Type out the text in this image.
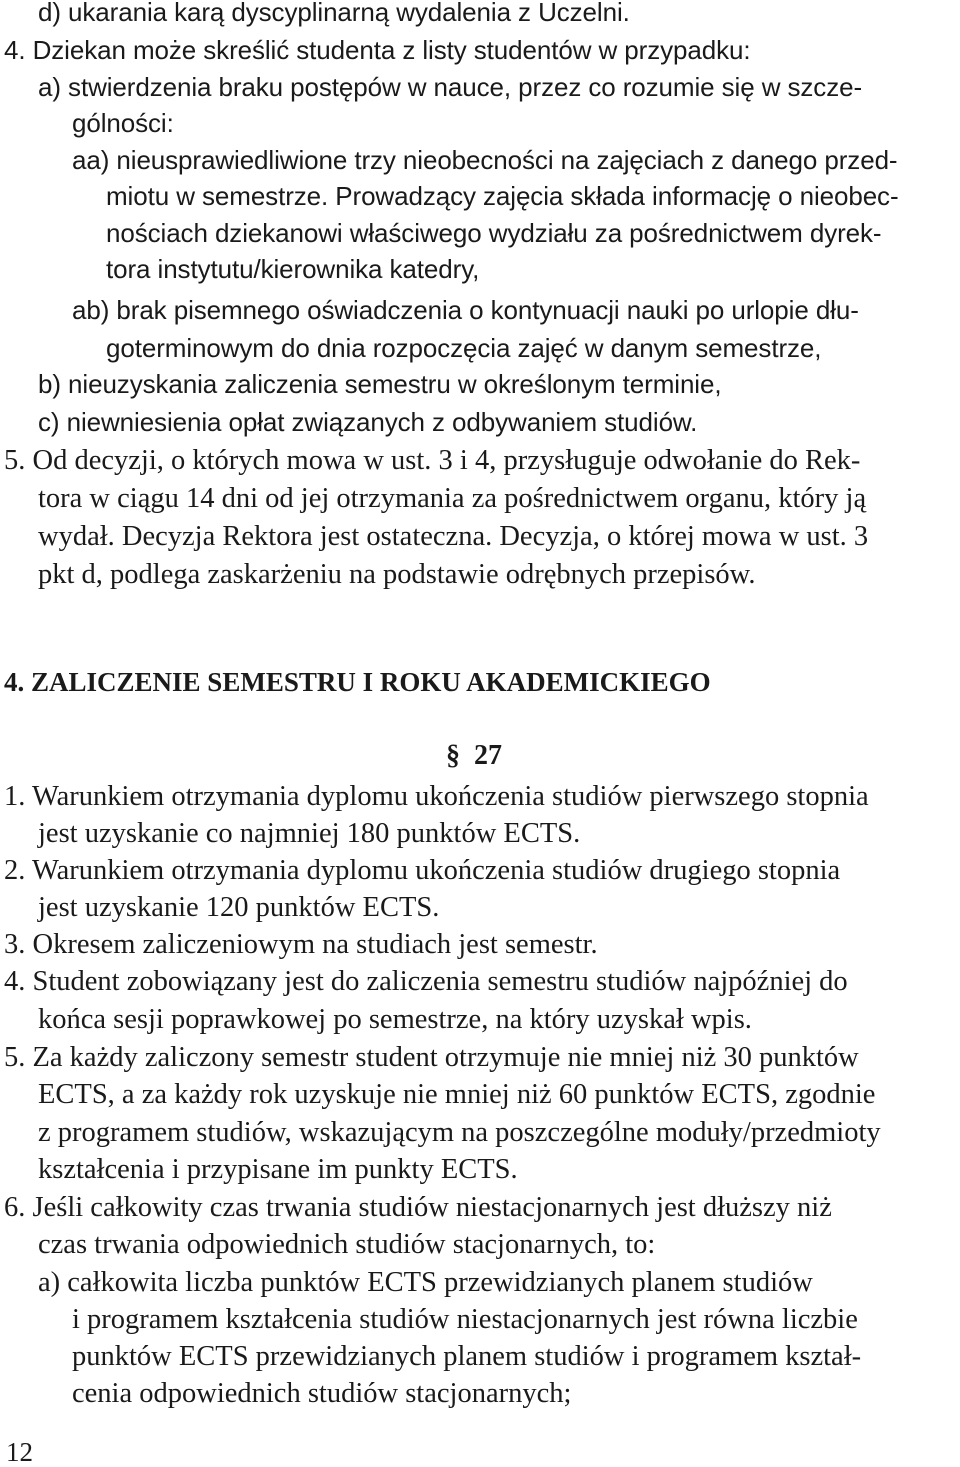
d) ukarania karą dyscyplinarną wydalenia z Uczelni.
4. Dziekan może skreślić studenta z listy studentów w przypadku:
a) stwierdzenia braku postępów w nauce, przez co rozumie się w szcze-
gólności:
aa) nieusprawiedliwione trzy nieobecności na zajęciach z danego przed-
miotu w semestrze. Prowadzący zajęcia składa informację o nieobec-
nościach dziekanowi właściwego wydziału za pośrednictwem dyrek-
tora instytutu/kierownika katedry,
ab) brak pisemnego oświadczenia o kontynuacji nauki po urlopie dłu-
goterminowym do dnia rozpoczęcia zajęć w danym semestrze,
b) nieuzyskania zaliczenia semestru w określonym terminie,
c) niewniesienia opłat związanych z odbywaniem studiów.
5. Od decyzji, o których mowa w ust. 3 i 4, przysługuje odwołanie do Rek-
tora w ciągu 14 dni od jej otrzymania za pośrednictwem organu, który ją
wydał. Decyzja Rektora jest ostateczna. Decyzja, o której mowa w ust. 3
pkt d, podlega zaskarżeniu na podstawie odrębnych przepisów.
4. ZALICZENIE SEMESTRU I ROKU AKADEMICKIEGO
§ 27
1. Warunkiem otrzymania dyplomu ukończenia studiów pierwszego stopnia
jest uzyskanie co najmniej 180 punktów ECTS.
2. Warunkiem otrzymania dyplomu ukończenia studiów drugiego stopnia
jest uzyskanie 120 punktów ECTS.
3. Okresem zaliczeniowym na studiach jest semestr.
4. Student zobowiązany jest do zaliczenia semestru studiów najpóźniej do
końca sesji poprawkowej po semestrze, na który uzyskał wpis.
5. Za każdy zaliczony semestr student otrzymuje nie mniej niż 30 punktów
ECTS, a za każdy rok uzyskuje nie mniej niż 60 punktów ECTS, zgodnie
z programem studiów, wskazującym na poszczególne moduły/przedmioty
kształcenia i przypisane im punkty ECTS.
6. Jeśli całkowity czas trwania studiów niestacjonarnych jest dłuższy niż
czas trwania odpowiednich studiów stacjonarnych, to:
a) całkowita liczba punktów ECTS przewidzianych planem studiów
i programem kształcenia studiów niestacjonarnych jest równa liczbie
punktów ECTS przewidzianych planem studiów i programem kształ-
cenia odpowiednich studiów stacjonarnych;
12
